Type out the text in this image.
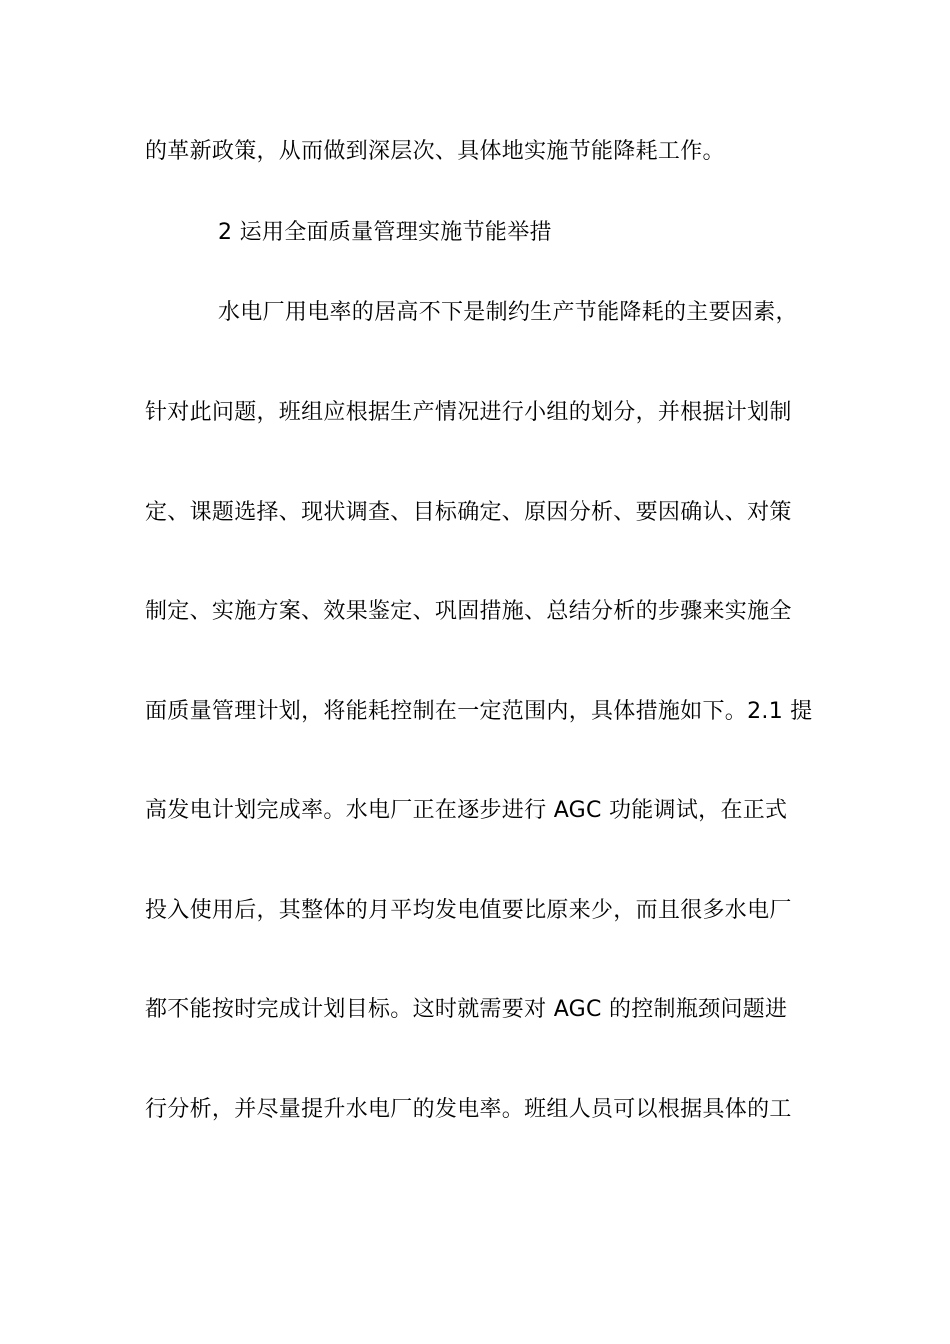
的革新政策，从而做到深层次、具体地实施节能降耗工作。
2 运用全面质量管理实施节能举措
水电厂用电率的居高不下是制约生产节能降耗的主要因素，
针对此问题，班组应根据生产情况进行小组的划分，并根据计划制
定、课题选择、现状调查、目标确定、原因分析、要因确认、对策
制定、实施方案、效果鉴定、巩固措施、总结分析的步骤来实施全
面质量管理计划，将能耗控制在一定范围内，具体措施如下。2.1 提
高发电计划完成率。水电厂正在逐步进行 AGC 功能调试，在正式
投入使用后，其整体的月平均发电值要比原来少，而且很多水电厂
都不能按时完成计划目标。这时就需要对 AGC 的控制瓶颈问题进
行分析，并尽量提升水电厂的发电率。班组人员可以根据具体的工
